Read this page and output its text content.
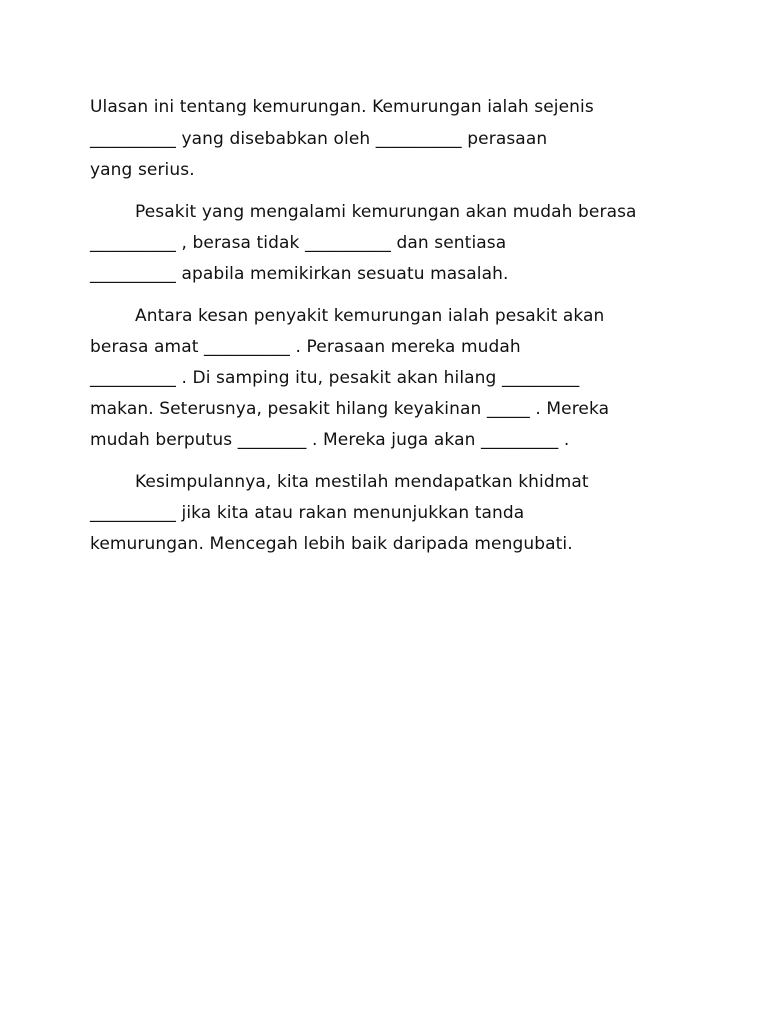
Ulasan ini tentang kemurungan. Kemurungan ialah sejenis
__________ yang disebabkan oleh __________ perasaan
yang serius.
Pesakit yang mengalami kemurungan akan mudah berasa
__________ , berasa tidak __________ dan sentiasa
__________ apabila memikirkan sesuatu masalah.
Antara kesan penyakit kemurungan ialah pesakit akan
berasa amat __________ . Perasaan mereka mudah
__________ . Di samping itu, pesakit akan hilang _________
makan. Seterusnya, pesakit hilang keyakinan _____ . Mereka
mudah berputus ________ . Mereka juga akan _________ .
Kesimpulannya, kita mestilah mendapatkan khidmat
__________ jika kita atau rakan menunjukkan tanda
kemurungan. Mencegah lebih baik daripada mengubati.
